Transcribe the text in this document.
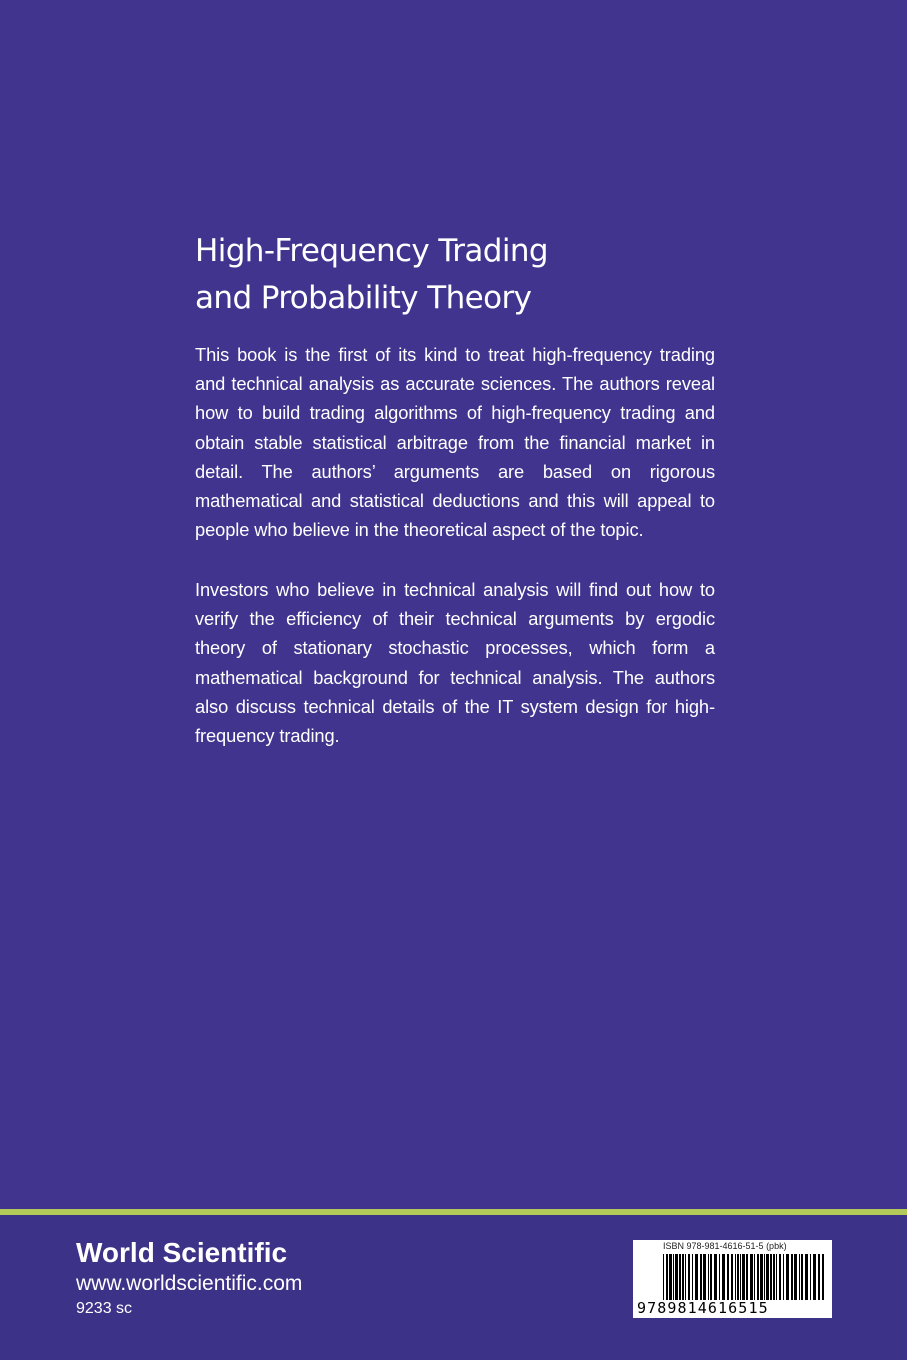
High-Frequency Trading
and Probability Theory

This book is the first of its kind to treat high-frequency trading and technical analysis as accurate sciences. The authors reveal how to build trading algorithms of high-frequency trading and obtain stable statistical arbitrage from the financial market in detail. The authors’ arguments are based on rigorous mathematical and statistical deductions and this will appeal to people who believe in the theoretical aspect of the topic.

Investors who believe in technical analysis will find out how to verify the efficiency of their technical arguments by ergodic theory of stationary stochastic processes, which form a mathematical background for technical analysis. The authors also discuss technical details of the IT system design for high-frequency trading.

World Scientific
www.worldscientific.com
9233 sc
ISBN 978-981-4616-51-5 (pbk)
9789814616515
